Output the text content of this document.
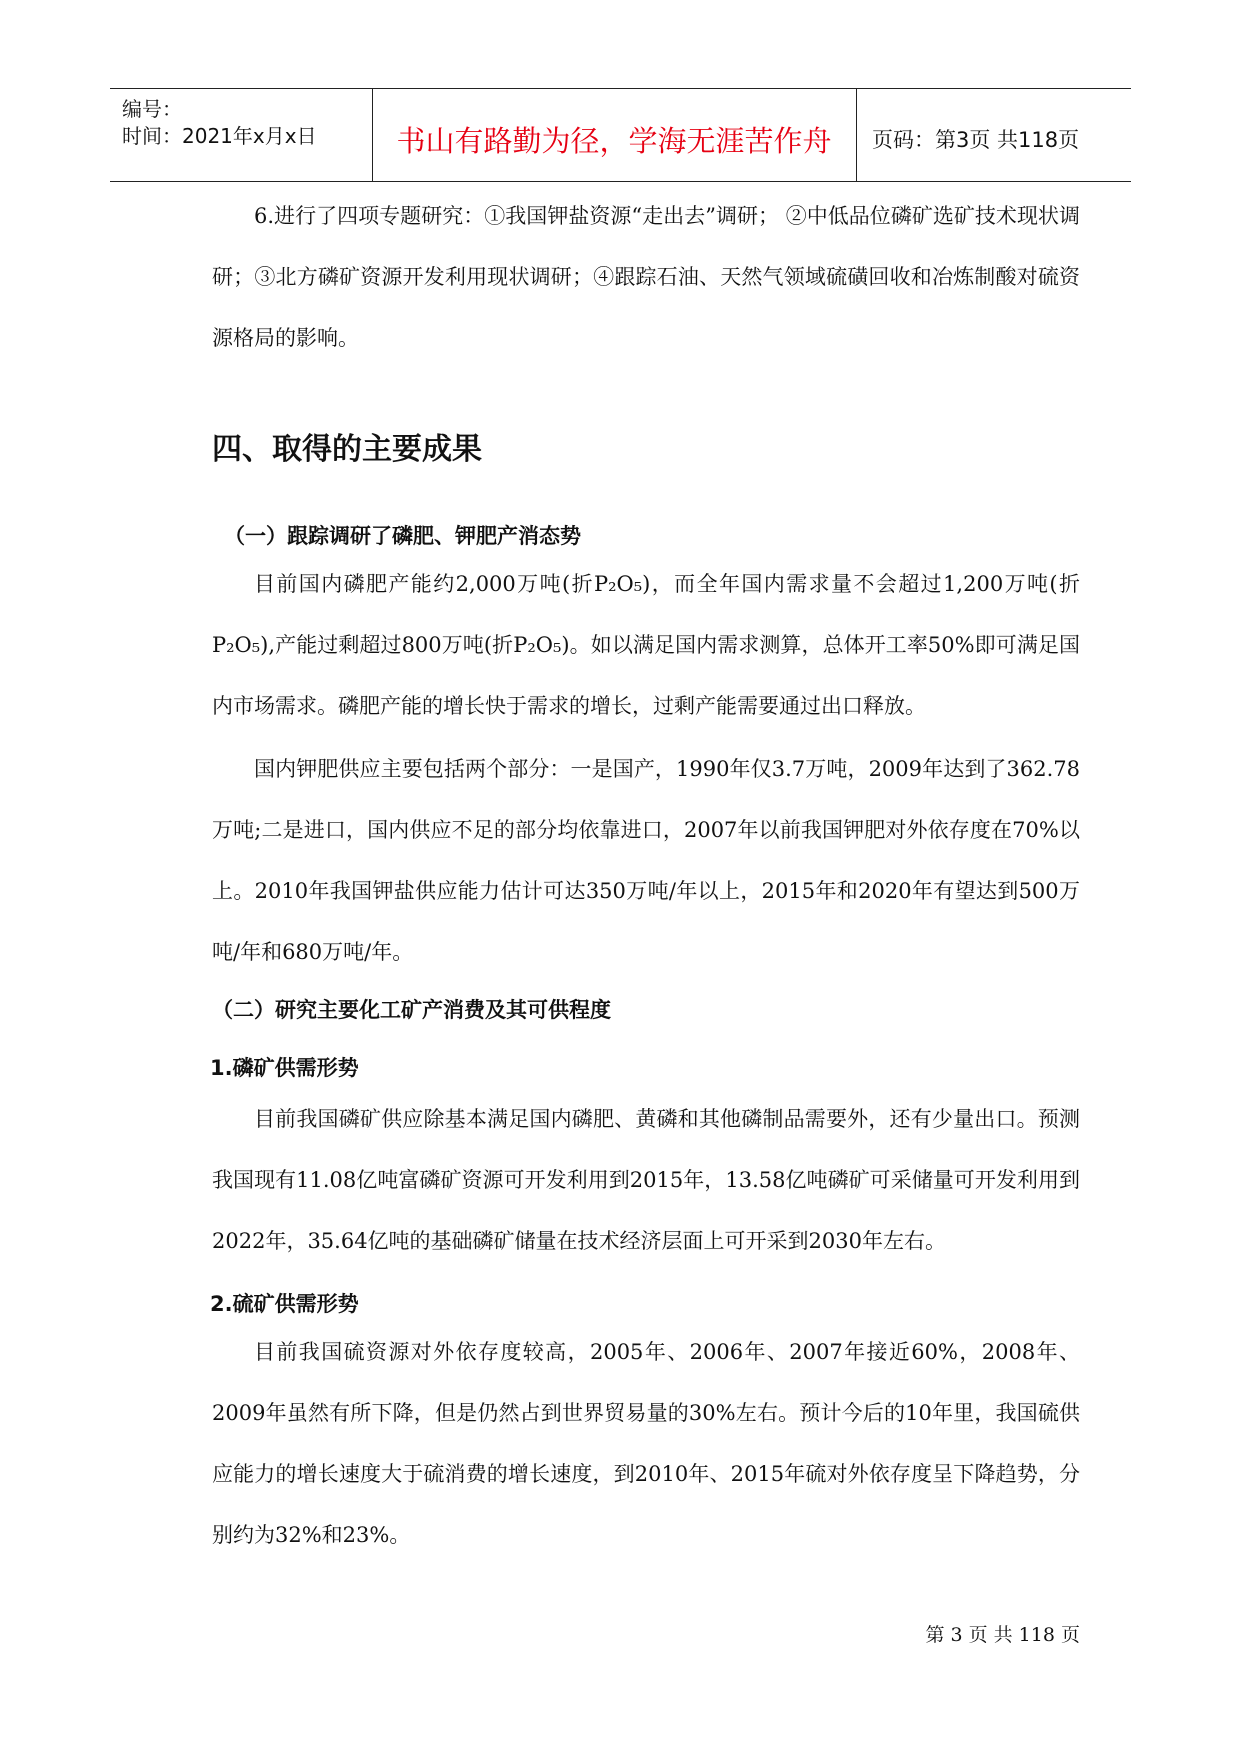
编号：
时间：2021年x月x日	书山有路勤为径，学海无涯苦作舟	页码：第3页 共118页
6.进行了四项专题研究：①我国钾盐资源“走出去”调研； ②中低品位磷矿选矿技术现状调研；③北方磷矿资源开发利用现状调研；④跟踪石油、天然气领域硫磺回收和冶炼制酸对硫资源格局的影响。
四、取得的主要成果
（一）跟踪调研了磷肥、钾肥产消态势
目前国内磷肥产能约2,000万吨(折P₂O₅)，而全年国内需求量不会超过1,200万吨(折P₂O₅),产能过剩超过800万吨(折P₂O₅)。如以满足国内需求测算，总体开工率50%即可满足国内市场需求。磷肥产能的增长快于需求的增长，过剩产能需要通过出口释放。
国内钾肥供应主要包括两个部分：一是国产，1990年仅3.7万吨，2009年达到了362.78万吨;二是进口，国内供应不足的部分均依靠进口，2007年以前我国钾肥对外依存度在70%以上。2010年我国钾盐供应能力估计可达350万吨/年以上，2015年和2020年有望达到500万吨/年和680万吨/年。
（二）研究主要化工矿产消费及其可供程度
1.磷矿供需形势
目前我国磷矿供应除基本满足国内磷肥、黄磷和其他磷制品需要外，还有少量出口。预测我国现有11.08亿吨富磷矿资源可开发利用到2015年，13.58亿吨磷矿可采储量可开发利用到2022年，35.64亿吨的基础磷矿储量在技术经济层面上可开采到2030年左右。
2.硫矿供需形势
目前我国硫资源对外依存度较高，2005年、2006年、2007年接近60%，2008年、2009年虽然有所下降，但是仍然占到世界贸易量的30%左右。预计今后的10年里，我国硫供应能力的增长速度大于硫消费的增长速度，到2010年、2015年硫对外依存度呈下降趋势，分别约为32%和23%。
第 3 页 共 118 页
